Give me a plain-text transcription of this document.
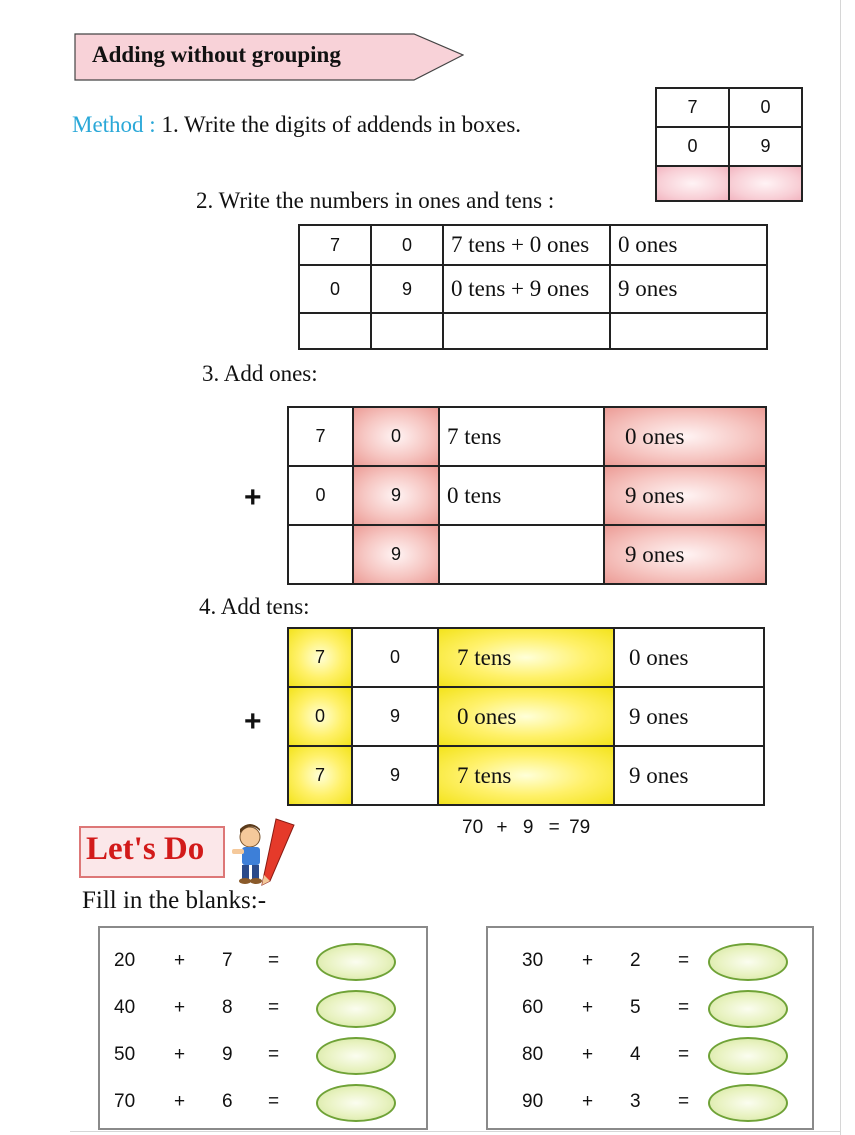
Adding without grouping
Method : 1. Write the digits of addends in boxes.
7	0
0	9

2. Write the numbers in ones and tens :
7	0	7 tens + 0 ones	0 ones
0	9	0 tens + 9 ones	9 ones

3. Add ones:
+
7	0	7 tens	0 ones
0	9	0 tens	9 ones
	9		9 ones
4. Add tens:
+
7	0	7 tens	0 ones
0	9	0 ones	9 ones
7	9	7 tens	9 ones
70 + 9 = 79
Let's Do
Fill in the blanks:-
20 + 7 =
40 + 8 =
50 + 9 =
70 + 6 =
30 + 2 =
60 + 5 =
80 + 4 =
90 + 3 =
